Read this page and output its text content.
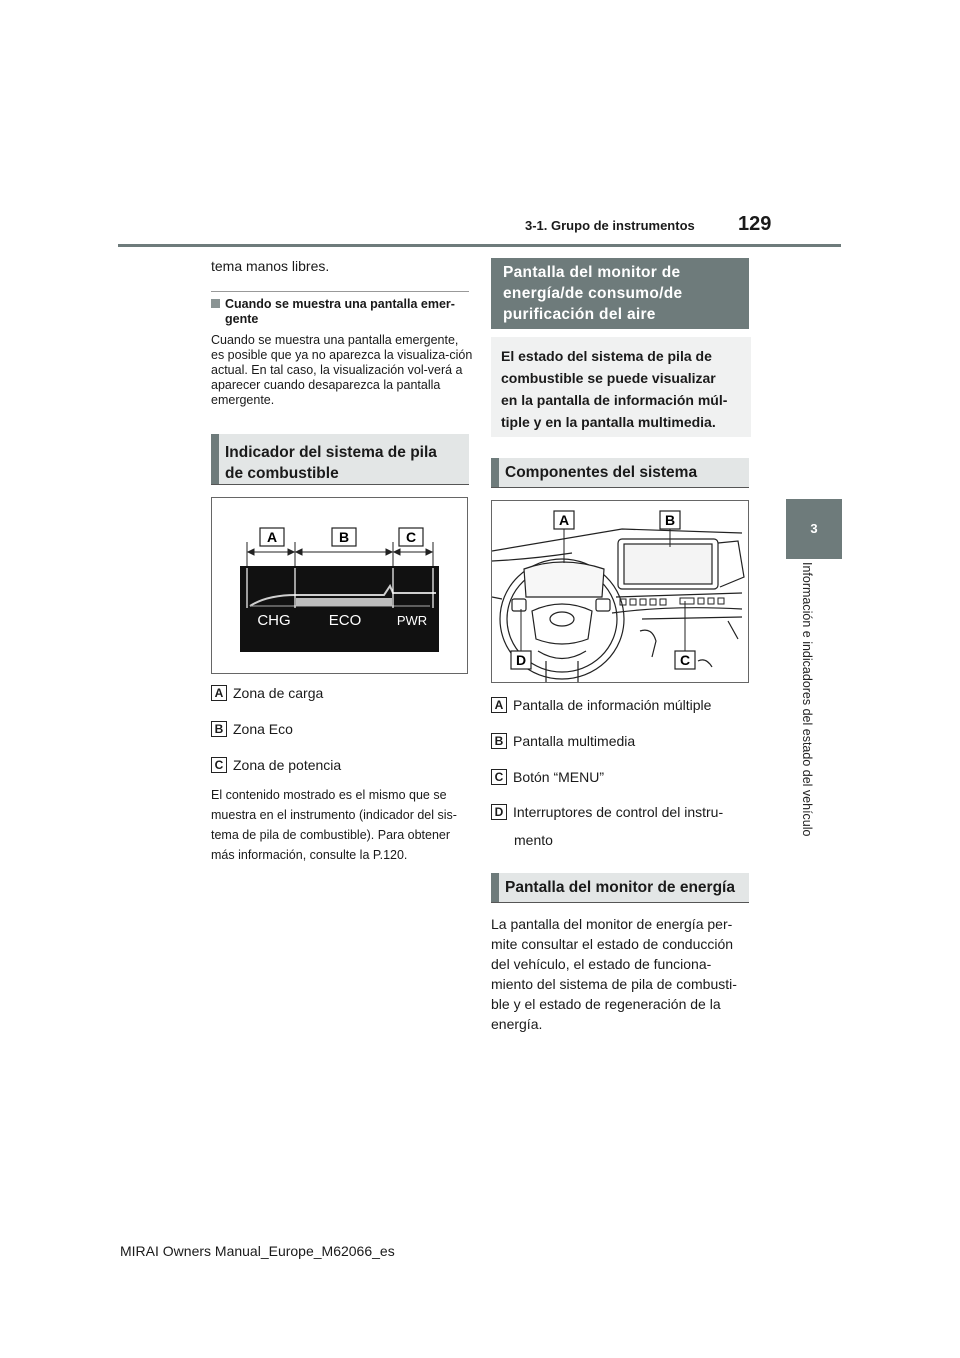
3-1. Grupo de instrumentos 129
3
Información e indicadores del estado del vehículo
tema manos libres.
Cuando se muestra una pantalla emer-
gente
Cuando se muestra una pantalla emergente, es posible que ya no aparezca la visualiza-ción actual. En tal caso, la visualización vol-verá a aparecer cuando desaparezca la pantalla emergente.
Indicador del sistema de pila
de combustible
A	B	C
CHG	ECO	PWR
A Zona de carga
B Zona Eco
C Zona de potencia
El contenido mostrado es el mismo que se
muestra en el instrumento (indicador del sis-
tema de pila de combustible). Para obtener
más información, consulte la P.120.
Pantalla del monitor de
energía/de consumo/de
purificación del aire
El estado del sistema de pila de
combustible se puede visualizar
en la pantalla de información múl-
tiple y en la pantalla multimedia.
Componentes del sistema
A	B
C
D
A Pantalla de información múltiple
B Pantalla multimedia
C Botón “MENU”
D Interruptores de control del instru-
mento
Pantalla del monitor de energía
La pantalla del monitor de energía per-
mite consultar el estado de conducción
del vehículo, el estado de funciona-
miento del sistema de pila de combusti-
ble y el estado de regeneración de la
energía.
MIRAI Owners Manual_Europe_M62066_es
carmanualsonline.info
